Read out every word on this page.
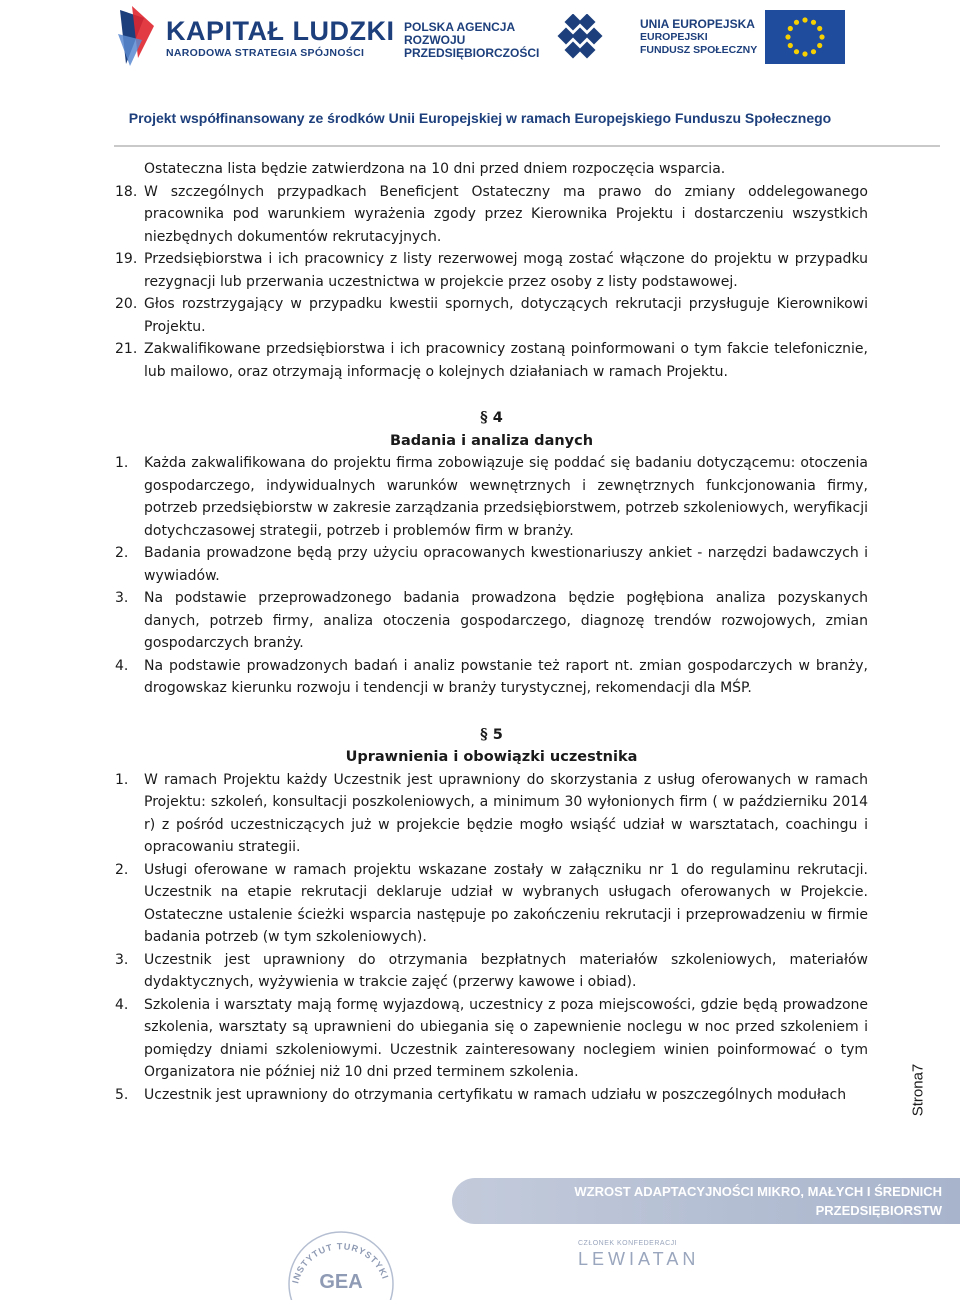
KAPITAŁ LUDZKI
NARODOWA STRATEGIA SPÓJNOŚCI
POLSKA AGENCJA
ROZWOJU
PRZEDSIĘBIORCZOŚCI
UNIA EUROPEJSKA
EUROPEJSKI
FUNDUSZ SPOŁECZNY
Projekt współfinansowany ze środków Unii Europejskiej w ramach Europejskiego Funduszu Społecznego
Ostateczna lista będzie zatwierdzona na 10 dni przed dniem rozpoczęcia wsparcia.
18. W szczególnych przypadkach Beneficjent Ostateczny ma prawo do zmiany oddelegowanego pracownika pod warunkiem wyrażenia zgody przez Kierownika Projektu i dostarczeniu wszystkich niezbędnych dokumentów rekrutacyjnych.
19. Przedsiębiorstwa i ich pracownicy z listy rezerwowej mogą zostać włączone do projektu w przypadku rezygnacji lub przerwania uczestnictwa w projekcie przez osoby z listy podstawowej.
20. Głos rozstrzygający w przypadku kwestii spornych, dotyczących rekrutacji przysługuje Kierownikowi Projektu.
21. Zakwalifikowane przedsiębiorstwa i ich pracownicy zostaną poinformowani o tym fakcie telefonicznie, lub mailowo, oraz otrzymają informację o kolejnych działaniach w ramach Projektu.
§ 4
Badania i analiza danych
1. Każda zakwalifikowana do projektu firma zobowiązuje się poddać się badaniu dotyczącemu: otoczenia gospodarczego, indywidualnych warunków wewnętrznych i zewnętrznych funkcjonowania firmy, potrzeb przedsiębiorstw w zakresie zarządzania przedsiębiorstwem, potrzeb szkoleniowych, weryfikacji dotychczasowej strategii, potrzeb i problemów firm w branży.
2. Badania prowadzone będą przy użyciu opracowanych kwestionariuszy ankiet - narzędzi badawczych i wywiadów.
3. Na podstawie przeprowadzonego badania prowadzona będzie pogłębiona analiza pozyskanych danych, potrzeb firmy, analiza otoczenia gospodarczego, diagnozę trendów rozwojowych, zmian gospodarczych branży.
4. Na podstawie prowadzonych badań i analiz powstanie też raport nt. zmian gospodarczych w branży, drogowskaz kierunku rozwoju i tendencji w branży turystycznej, rekomendacji dla MŚP.
§ 5
Uprawnienia i obowiązki uczestnika
1. W ramach Projektu każdy Uczestnik jest uprawniony do skorzystania z usług oferowanych w ramach Projektu: szkoleń, konsultacji poszkoleniowych, a minimum 30 wyłonionych firm ( w październiku 2014 r) z pośród uczestniczących już w projekcie będzie mogło wsiąść udział w warsztatach, coachingu i opracowaniu strategii.
2. Usługi oferowane w ramach projektu wskazane zostały w załączniku nr 1 do regulaminu rekrutacji. Uczestnik na etapie rekrutacji deklaruje udział w wybranych usługach oferowanych w Projekcie. Ostateczne ustalenie ścieżki wsparcia następuje po zakończeniu rekrutacji i przeprowadzeniu w firmie badania potrzeb (w tym szkoleniowych).
3. Uczestnik jest uprawniony do otrzymania bezpłatnych materiałów szkoleniowych, materiałów dydaktycznych, wyżywienia w trakcie zajęć (przerwy kawowe i obiad).
4. Szkolenia i warsztaty mają formę wyjazdową, uczestnicy z poza miejscowości, gdzie będą prowadzone szkolenia, warsztaty są uprawnieni do ubiegania się o zapewnienie noclegu w noc przed szkoleniem i pomiędzy dniami szkoleniowymi. Uczestnik zainteresowany noclegiem winien poinformować o tym Organizatora nie później niż 10 dni przed terminem szkolenia.
5. Uczestnik jest uprawniony do otrzymania certyfikatu w ramach udziału w poszczególnych modułach	Strona7
WZROST ADAPTACYJNOŚCI MIKRO, MAŁYCH I ŚREDNICH PRZEDSIĘBIORSTW
POPRZEZ ZARZĄDZANIE STRATEGICZNE
INSTYTUT TURYSTYKI
GEA
CZŁONEK KONFEDERACJI
LEWIATAN
